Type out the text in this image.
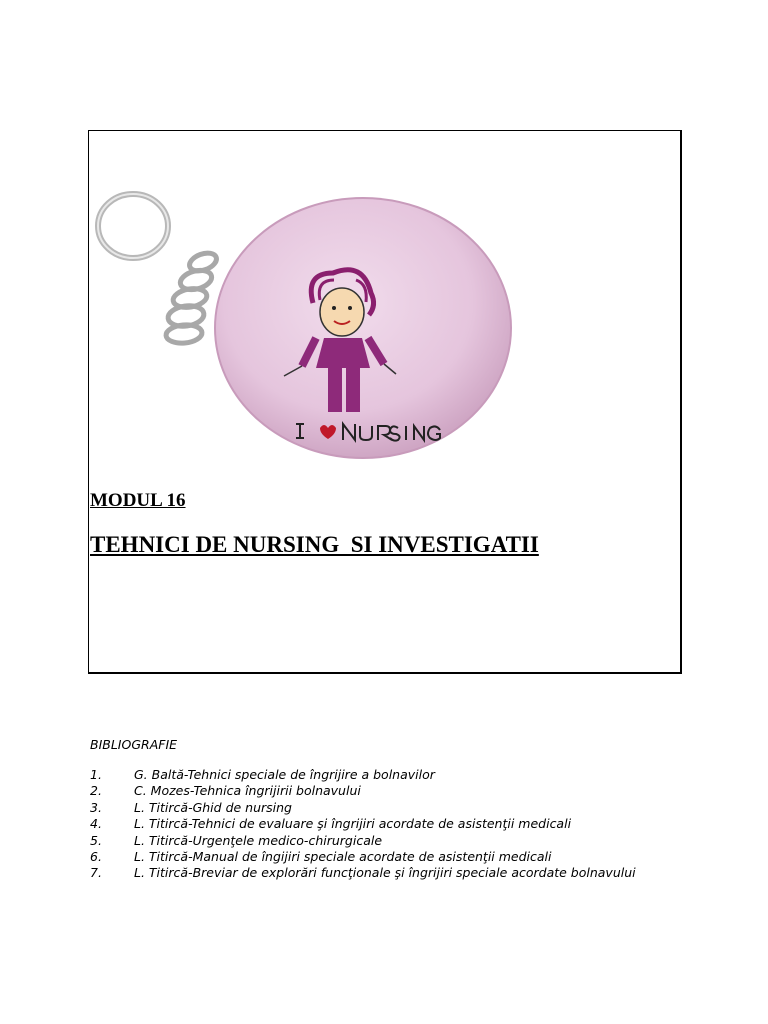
MODUL 16
TEHNICI DE NURSING  SI INVESTIGATII
BIBLIOGRAFIE
1.	G. Baltă-Tehnici speciale de îngrijire a bolnavilor
2.	C. Mozes-Tehnica îngrijirii bolnavului
3.	L. Titircă-Ghid de nursing
4.	L. Titircă-Tehnici de evaluare şi îngrijiri acordate de asistenţii medicali
5.	L. Titircă-Urgenţele medico-chirurgicale
6.	L. Titircă-Manual de îngijiri speciale acordate de asistenţii medicali
7.	L. Titircă-Breviar de explorări funcţionale şi îngrijiri speciale acordate bolnavului
